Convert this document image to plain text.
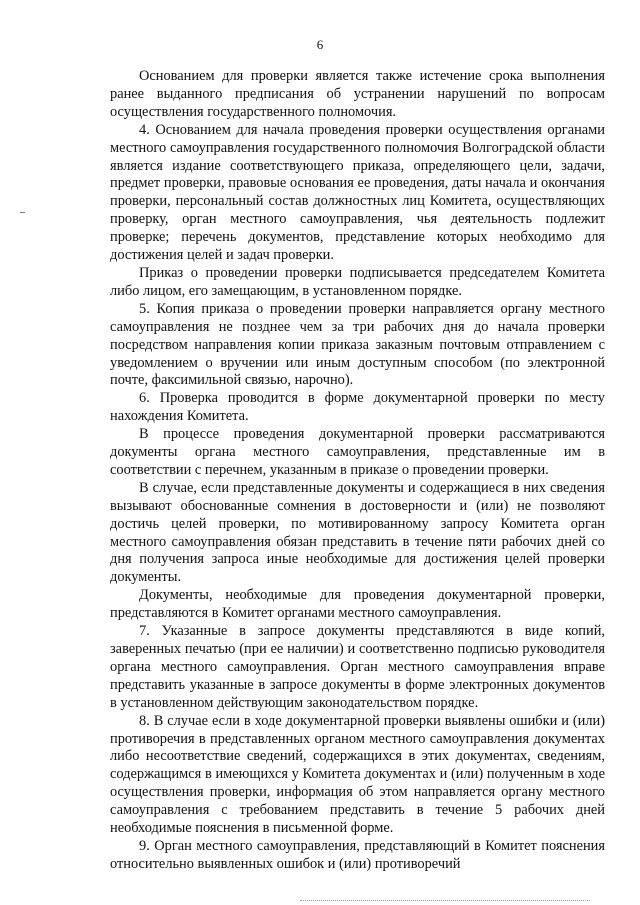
6

Основанием для проверки является также истечение срока выполнения ранее выданного предписания об устранении нарушений по вопросам осуществления государственного полномочия.

4. Основанием для начала проведения проверки осуществления органами местного самоуправления государственного полномочия Волгоградской области является издание соответствующего приказа, определяющего цели, задачи, предмет проверки, правовые основания ее проведения, даты начала и окончания проверки, персональный состав должностных лиц Комитета, осуществляющих проверку, орган местного самоуправления, чья деятельность подлежит проверке; перечень документов, представление которых необходимо для достижения целей и задач проверки.

Приказ о проведении проверки подписывается председателем Комитета либо лицом, его замещающим, в установленном порядке.

5. Копия приказа о проведении проверки направляется органу местного самоуправления не позднее чем за три рабочих дня до начала проверки посредством направления копии приказа заказным почтовым отправлением с уведомлением о вручении или иным доступным способом (по электронной почте, факсимильной связью, нарочно).

6. Проверка проводится в форме документарной проверки по месту нахождения Комитета.

В процессе проведения документарной проверки рассматриваются документы органа местного самоуправления, представленные им в соответствии с перечнем, указанным в приказе о проведении проверки.

В случае, если представленные документы и содержащиеся в них сведения вызывают обоснованные сомнения в достоверности и (или) не позволяют достичь целей проверки, по мотивированному запросу Комитета орган местного самоуправления обязан представить в течение пяти рабочих дней со дня получения запроса иные необходимые для достижения целей проверки документы.

Документы, необходимые для проведения документарной проверки, представляются в Комитет органами местного самоуправления.

7. Указанные в запросе документы представляются в виде копий, заверенных печатью (при ее наличии) и соответственно подписью руководителя органа местного самоуправления. Орган местного самоуправления вправе представить указанные в запросе документы в форме электронных документов в установленном действующим законодательством порядке.

8. В случае если в ходе документарной проверки выявлены ошибки и (или) противоречия в представленных органом местного самоуправления документах либо несоответствие сведений, содержащихся в этих документах, сведениям, содержащимся в имеющихся у Комитета документах и (или) полученным в ходе осуществления проверки, информация об этом направляется органу местного самоуправления с требованием представить в течение 5 рабочих дней необходимые пояснения в письменной форме.

9. Орган местного самоуправления, представляющий в Комитет пояснения относительно выявленных ошибок и (или) противоречий
